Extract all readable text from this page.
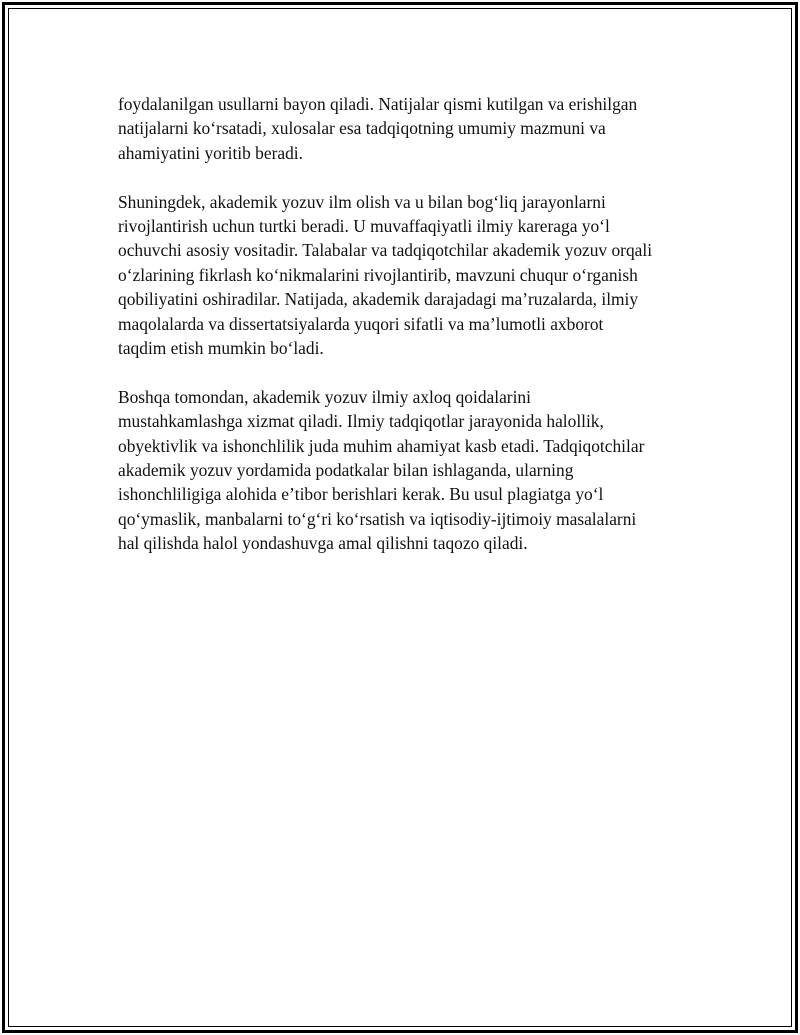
foydalanilgan usullarni bayon qiladi. Natijalar qismi kutilgan va erishilgan
natijalarni koʻrsatadi, xulosalar esa tadqiqotning umumiy mazmuni va
ahamiyatini yoritib beradi.

Shuningdek, akademik yozuv ilm olish va u bilan bogʻliq jarayonlarni
rivojlantirish uchun turtki beradi. U muvaffaqiyatli ilmiy kareraga yoʻl
ochuvchi asosiy vositadir. Talabalar va tadqiqotchilar akademik yozuv orqali
oʻzlarining fikrlash koʻnikmalarini rivojlantirib, mavzuni chuqur oʻrganish
qobiliyatini oshiradilar. Natijada, akademik darajadagi maʼruzalarda, ilmiy
maqolalarda va dissertatsiyalarda yuqori sifatli va maʼlumotli axborot
taqdim etish mumkin boʻladi.

Boshqa tomondan, akademik yozuv ilmiy axloq qoidalarini
mustahkamlashga xizmat qiladi. Ilmiy tadqiqotlar jarayonida halollik,
obyektivlik va ishonchlilik juda muhim ahamiyat kasb etadi. Tadqiqotchilar
akademik yozuv yordamida podatkalar bilan ishlaganda, ularning
ishonchliligiga alohida eʼtibor berishlari kerak. Bu usul plagiatga yoʻl
qoʻymaslik, manbalarni toʻgʻri koʻrsatish va iqtisodiy-ijtimoiy masalalarni
hal qilishda halol yondashuvga amal qilishni taqozo qiladi.
